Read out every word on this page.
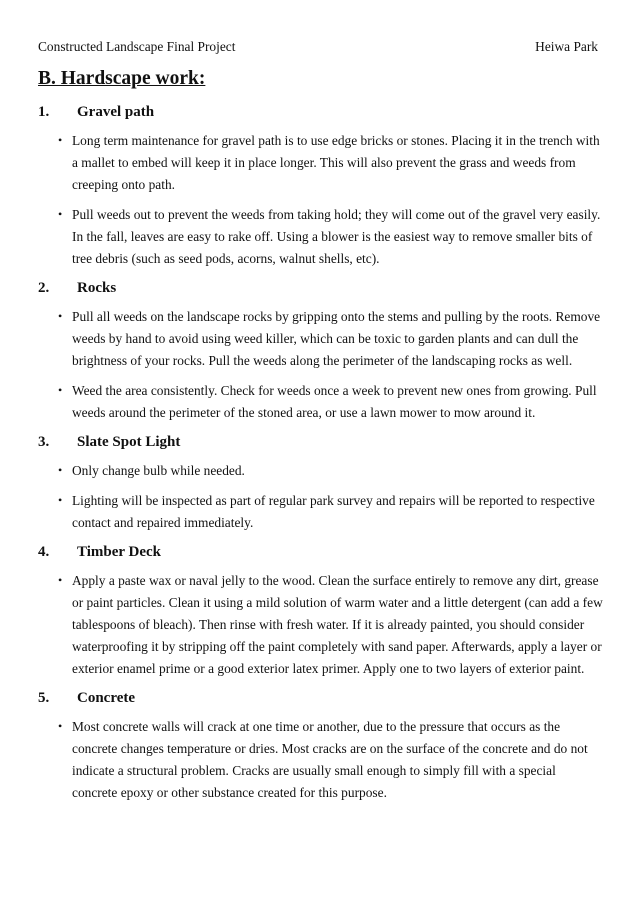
Constructed Landscape Final Project	Heiwa Park
B. Hardscape work:
1. Gravel path
• Long term maintenance for gravel path is to use edge bricks or stones. Placing it in the trench with a mallet to embed will keep it in place longer. This will also prevent the grass and weeds from creeping onto path.
• Pull weeds out to prevent the weeds from taking hold; they will come out of the gravel very easily. In the fall, leaves are easy to rake off. Using a blower is the easiest way to remove smaller bits of tree debris (such as seed pods, acorns, walnut shells, etc).
2. Rocks
• Pull all weeds on the landscape rocks by gripping onto the stems and pulling by the roots. Remove weeds by hand to avoid using weed killer, which can be toxic to garden plants and can dull the brightness of your rocks. Pull the weeds along the perimeter of the landscaping rocks as well.
• Weed the area consistently. Check for weeds once a week to prevent new ones from growing. Pull weeds around the perimeter of the stoned area, or use a lawn mower to mow around it.
3. Slate Spot Light
• Only change bulb while needed.
• Lighting will be inspected as part of regular park survey and repairs will be reported to respective contact and repaired immediately.
4. Timber Deck
• Apply a paste wax or naval jelly to the wood. Clean the surface entirely to remove any dirt, grease or paint particles. Clean it using a mild solution of warm water and a little detergent (can add a few tablespoons of bleach). Then rinse with fresh water. If it is already painted, you should consider waterproofing it by stripping off the paint completely with sand paper. Afterwards, apply a layer or exterior enamel prime or a good exterior latex primer. Apply one to two layers of exterior paint.
5. Concrete
• Most concrete walls will crack at one time or another, due to the pressure that occurs as the concrete changes temperature or dries. Most cracks are on the surface of the concrete and do not indicate a structural problem. Cracks are usually small enough to simply fill with a special concrete epoxy or other substance created for this purpose.
